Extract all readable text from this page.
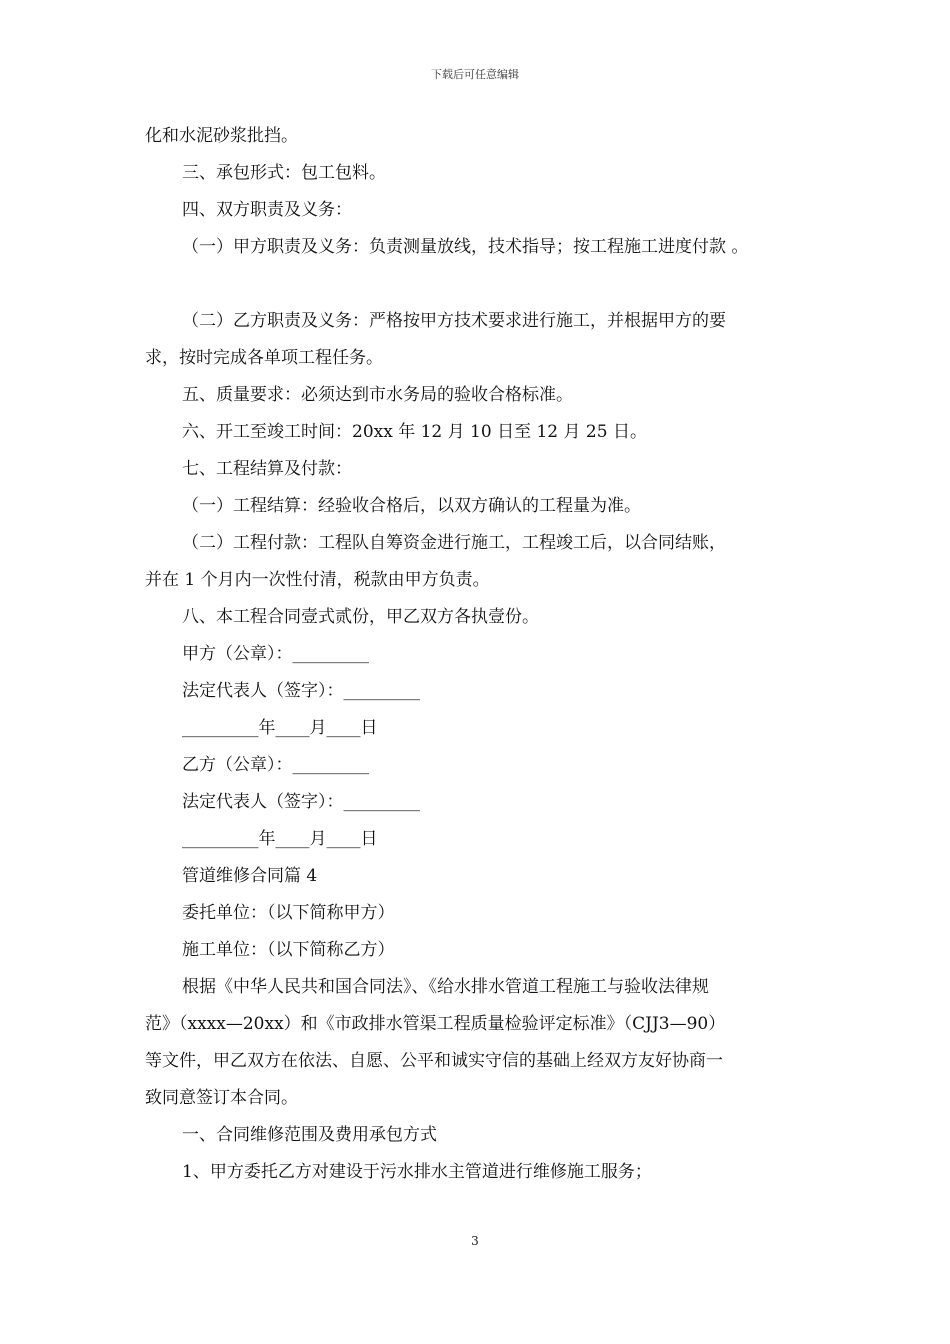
下载后可任意编辑
化和水泥砂浆批挡。
三、承包形式：包工包料。
四、双方职责及义务：
（一）甲方职责及义务：负责测量放线，技术指导；按工程施工进度付款 。
（二）乙方职责及义务：严格按甲方技术要求进行施工，并根据甲方的要
求，按时完成各单项工程任务。
五、质量要求：必须达到市水务局的验收合格标准。
六、开工至竣工时间：20xx 年 12 月 10 日至 12 月 25 日。
七、工程结算及付款：
（一）工程结算：经验收合格后，以双方确认的工程量为准。
（二）工程付款：工程队自筹资金进行施工，工程竣工后，以合同结账，
并在 1 个月内一次性付清，税款由甲方负责。
八、本工程合同壹式贰份，甲乙双方各执壹份。
甲方（公章）：_________
法定代表人（签字）：_________
_________年____月____日
乙方（公章）：_________
法定代表人（签字）：_________
_________年____月____日
管道维修合同篇 4
委托单位：（以下简称甲方）
施工单位：（以下简称乙方）
根据《中华人民共和国合同法》、《给水排水管道工程施工与验收法律规
范》（xxxx—20xx）和《市政排水管渠工程质量检验评定标准》（CJJ3—90）
等文件，甲乙双方在依法、自愿、公平和诚实守信的基础上经双方友好协商一
致同意签订本合同。
一、合同维修范围及费用承包方式
1、甲方委托乙方对建设于污水排水主管道进行维修施工服务；
3
